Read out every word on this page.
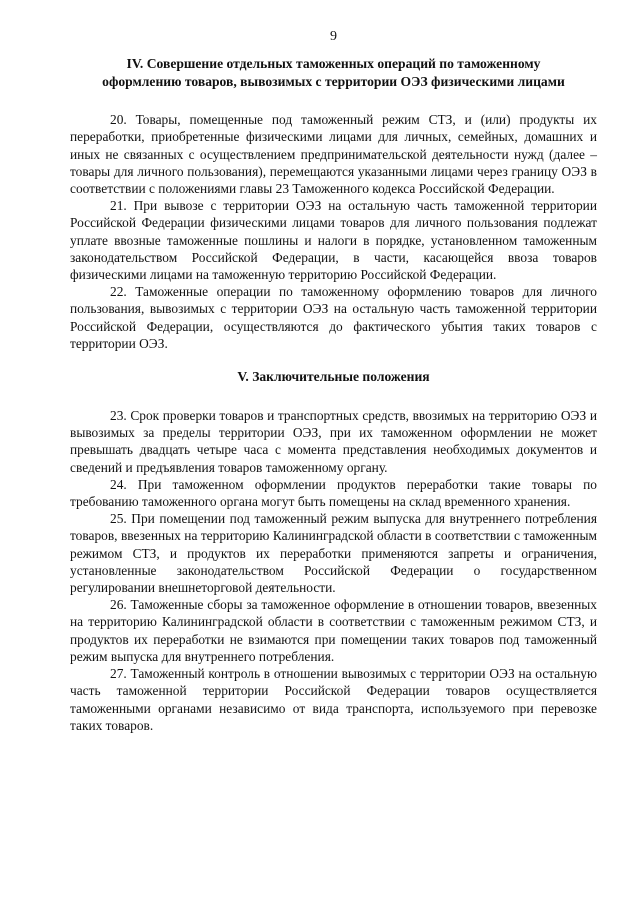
9
IV. Совершение отдельных таможенных операций по таможенному
оформлению товаров, вывозимых с территории ОЭЗ физическими лицами

20. Товары, помещенные под таможенный режим СТЗ, и (или) продукты их переработки, приобретенные физическими лицами для личных, семейных, домашних и иных не связанных с осуществлением предпринимательской деятельности нужд (далее – товары для личного пользования), перемещаются указанными лицами через границу ОЭЗ в соответствии с положениями главы 23 Таможенного кодекса Российской Федерации.

21. При вывозе с территории ОЭЗ на остальную часть таможенной территории Российской Федерации физическими лицами товаров для личного пользования подлежат уплате ввозные таможенные пошлины и налоги в порядке, установленном таможенным законодательством Российской Федерации, в части, касающейся ввоза товаров физическими лицами на таможенную территорию Российской Федерации.

22. Таможенные операции по таможенному оформлению товаров для личного пользования, вывозимых с территории ОЭЗ на остальную часть таможенной территории Российской Федерации, осуществляются до фактического убытия таких товаров с территории ОЭЗ.

V. Заключительные положения

23. Срок проверки товаров и транспортных средств, ввозимых на территорию ОЭЗ и вывозимых за пределы территории ОЭЗ, при их таможенном оформлении не может превышать двадцать четыре часа с момента представления необходимых документов и сведений и предъявления товаров таможенному органу.

24. При таможенном оформлении продуктов переработки такие товары по требованию таможенного органа могут быть помещены на склад временного хранения.

25. При помещении под таможенный режим выпуска для внутреннего потребления товаров, ввезенных на территорию Калининградской области в соответствии с таможенным режимом СТЗ, и продуктов их переработки применяются запреты и ограничения, установленные законодательством Российской Федерации о государственном регулировании внешнеторговой деятельности.

26. Таможенные сборы за таможенное оформление в отношении товаров, ввезенных на территорию Калининградской области в соответствии с таможенным режимом СТЗ, и продуктов их переработки не взимаются при помещении таких товаров под таможенный режим выпуска для внутреннего потребления.

27. Таможенный контроль в отношении вывозимых с территории ОЭЗ на остальную часть таможенной территории Российской Федерации товаров осуществляется таможенными органами независимо от вида транспорта, используемого при перевозке таких товаров.
